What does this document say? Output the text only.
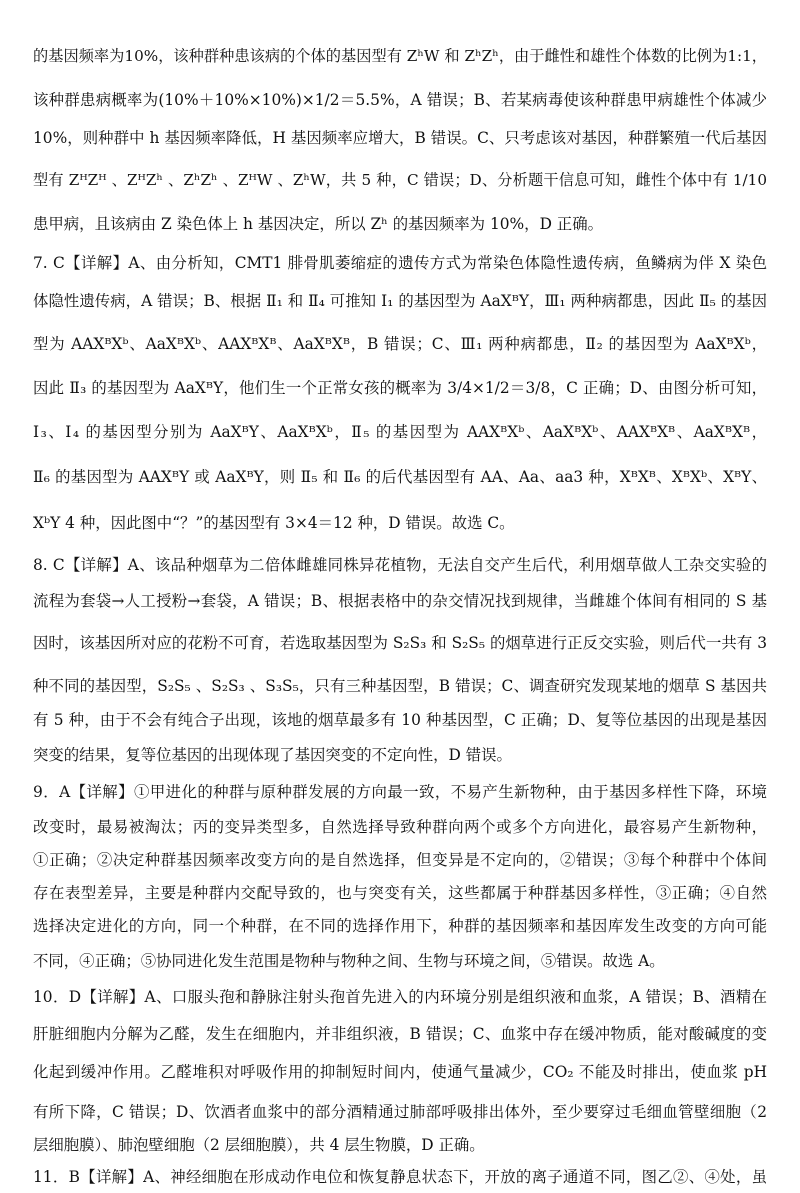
的基因频率为10%，该种群种患该病的个体的基因型有 ZʰW 和 ZʰZʰ，由于雌性和雄性个体数的比例为1:1，
该种群患病概率为(10%＋10%×10%)×1/2＝5.5%，A 错误；B、若某病毒使该种群患甲病雄性个体减少
10%，则种群中 h 基因频率降低，H 基因频率应增大，B 错误。C、只考虑该对基因，种群繁殖一代后基因
型有 ZᴴZᴴ 、ZᴴZʰ 、ZʰZʰ 、ZᴴW 、ZʰW，共 5 种，C 错误；D、分析题干信息可知，雌性个体中有 1/10
患甲病，且该病由 Z 染色体上 h 基因决定，所以 Zʰ 的基因频率为 10%，D 正确。
7. C【详解】A、由分析知，CMT1 腓骨肌萎缩症的遗传方式为常染色体隐性遗传病，鱼鳞病为伴 X 染色
体隐性遗传病，A 错误；B、根据 Ⅱ₁ 和 Ⅱ₄ 可推知 Ⅰ₁ 的基因型为 AaXᴮY，Ⅲ₁ 两种病都患，因此 Ⅱ₅ 的基因
型为 AAXᴮXᵇ、AaXᴮXᵇ、AAXᴮXᴮ、AaXᴮXᴮ，B 错误；C、Ⅲ₁ 两种病都患，Ⅱ₂ 的基因型为 AaXᴮXᵇ，
因此 Ⅱ₃ 的基因型为 AaXᴮY，他们生一个正常女孩的概率为 3/4×1/2＝3/8，C 正确；D、由图分析可知，
Ⅰ₃、Ⅰ₄ 的基因型分别为 AaXᴮY、AaXᴮXᵇ，Ⅱ₅ 的基因型为 AAXᴮXᵇ、AaXᴮXᵇ、AAXᴮXᴮ、AaXᴮXᴮ，
Ⅱ₆ 的基因型为 AAXᴮY 或 AaXᴮY，则 Ⅱ₅ 和 Ⅱ₆ 的后代基因型有 AA、Aa、aa3 种，XᴮXᴮ、XᴮXᵇ、XᴮY、
XᵇY 4 种，因此图中“？”的基因型有 3×4＝12 种，D 错误。故选 C。
8. C【详解】A、该品种烟草为二倍体雌雄同株异花植物，无法自交产生后代，利用烟草做人工杂交实验的
流程为套袋→人工授粉→套袋，A 错误；B、根据表格中的杂交情况找到规律，当雌雄个体间有相同的 S 基
因时，该基因所对应的花粉不可育，若选取基因型为 S₂S₃ 和 S₂S₅ 的烟草进行正反交实验，则后代一共有 3
种不同的基因型，S₂S₅ 、S₂S₃ 、S₃S₅，只有三种基因型，B 错误；C、调查研究发现某地的烟草 S 基因共
有 5 种，由于不会有纯合子出现，该地的烟草最多有 10 种基因型，C 正确；D、复等位基因的出现是基因
突变的结果，复等位基因的出现体现了基因突变的不定向性，D 错误。
9．A【详解】①甲进化的种群与原种群发展的方向最一致，不易产生新物种，由于基因多样性下降，环境
改变时，最易被淘汰；丙的变异类型多，自然选择导致种群向两个或多个方向进化，最容易产生新物种，
①正确；②决定种群基因频率改变方向的是自然选择，但变异是不定向的，②错误；③每个种群中个体间
存在表型差异，主要是种群内交配导致的，也与突变有关，这些都属于种群基因多样性，③正确；④自然
选择决定进化的方向，同一个种群，在不同的选择作用下，种群的基因频率和基因库发生改变的方向可能
不同，④正确；⑤协同进化发生范围是物种与物种之间、生物与环境之间，⑤错误。故选 A。
10．D【详解】A、口服头孢和静脉注射头孢首先进入的内环境分别是组织液和血浆，A 错误；B、酒精在
肝脏细胞内分解为乙醛，发生在细胞内，并非组织液，B 错误；C、血浆中存在缓冲物质，能对酸碱度的变
化起到缓冲作用。乙醛堆积对呼吸作用的抑制短时间内，使通气量减少，CO₂ 不能及时排出，使血浆 pH
有所下降，C 错误；D、饮酒者血浆中的部分酒精通过肺部呼吸排出体外，至少要穿过毛细血管壁细胞（2
层细胞膜）、肺泡壁细胞（2 层细胞膜），共 4 层生物膜，D 正确。
11．B【详解】A、神经细胞在形成动作电位和恢复静息状态下，开放的离子通道不同，图乙②、④处，虽
